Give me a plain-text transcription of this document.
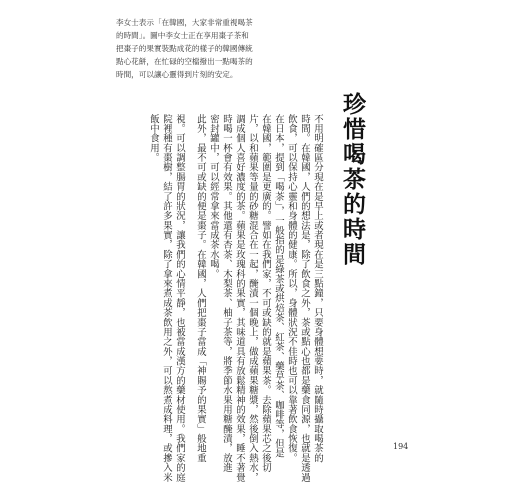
李女士表示「在韓國，大家非常重視喝茶
的時間」。圖中李女士正在享用棗子茶和
把棗子的果實裝點成花的樣子的韓國傳統
點心花餅，在忙碌的空檔撥出一點喝茶的
時間，可以讓心靈得到片刻的安定。
珍惜喝茶的時間
不用明確區分現在是早上或者現在是三點鐘，只要身體想要時，就隨時攝取喝茶的
時間。在韓國，人們的想法是，除了飲食之外，茶或點心也都是藥食同源，也就是透過
飲食，可以保持心靈和身體的健康。所以，身體狀況不佳時也可以靠著飲食恢復。
在日本，提到「喝茶」，一般指的是綠茶或烘焙茶、紅茶、藥草茶、咖啡等，但是
在韓國，範圍是更廣的。譬如在我們家，不可或缺的就是蘋果茶。去除蘋果芯之後切
片，以和蘋果等量的砂糖混合在一起，醃漬一個晚上，做成蘋果糖漿，然後倒入熱水，
調成個人喜好濃度的茶。蘋果是玫瑰科的果實，其味道具有放鬆精神的效果，睡不著覺
時喝一杯會有效果。其他還有杏茶、木梨茶、柚子茶等，將季節水果用糖醃漬，放進
密封罐中，可以經常拿來當成茶水喝。
此外，最不可或缺的便是棗子。在韓國，人們把棗子當成「神賜予的果實」般地重
視。可以調整腸胃的狀況，讓我們的心情平靜，也被當成漢方的藥材使用。我們家的庭
院裡種有棗樹，結了許多果實，除了拿來煮成茶飲用之外，可以熬煮成料理，或摻入米
飯中食用。
194
